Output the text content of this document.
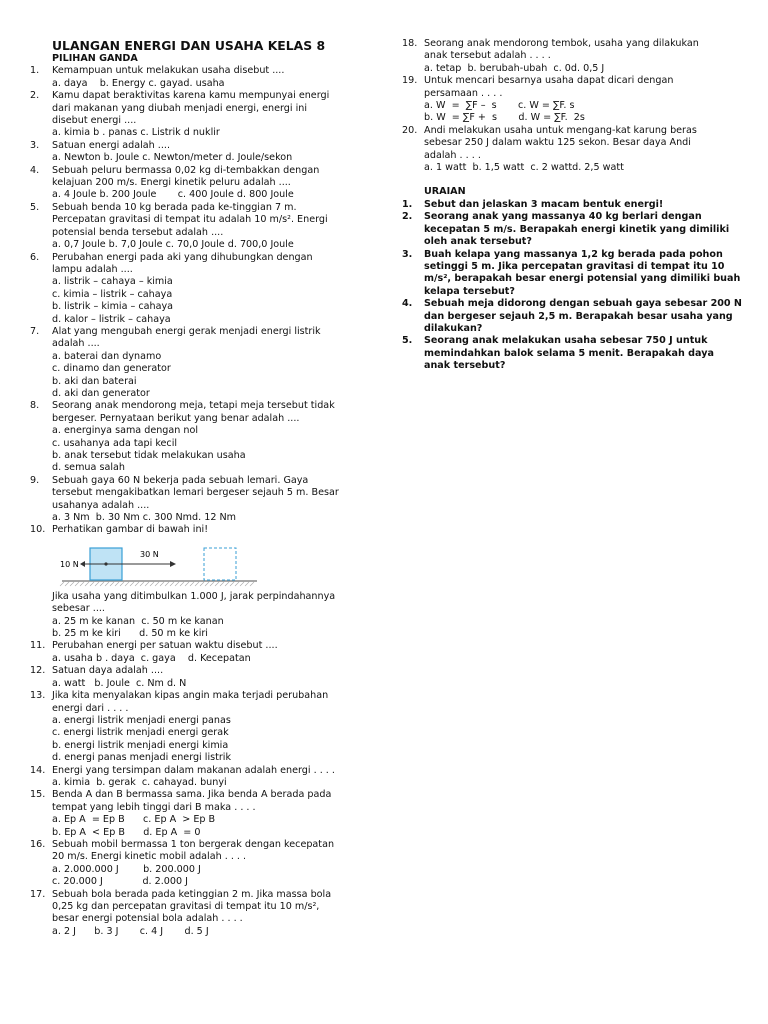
ULANGAN ENERGI DAN USAHA KELAS 8
PILIHAN GANDA
1.	Kemampuan untuk melakukan usaha disebut ....
a. daya    b. Energy c. gayad. usaha
2.	Kamu dapat beraktivitas karena kamu mempunyai energi
dari makanan yang diubah menjadi energi, energi ini
disebut energi ....
a. kimia b . panas c. Listrik d nuklir
3.	Satuan energi adalah ....
a. Newton b. Joule c. Newton/meter d. Joule/sekon
4.	Sebuah peluru bermassa 0,02 kg di-tembakkan dengan
kelajuan 200 m/s. Energi kinetik peluru adalah ....
a. 4 Joule b. 200 Joule       c. 400 Joule d. 800 Joule
5.	Sebuah benda 10 kg berada pada ke-tinggian 7 m.
Percepatan gravitasi di tempat itu adalah 10 m/s². Energi
potensial benda tersebut adalah ....
a. 0,7 Joule b. 7,0 Joule c. 70,0 Joule d. 700,0 Joule
6.	Perubahan energi pada aki yang dihubungkan dengan
lampu adalah ....
a. listrik – cahaya – kimia
c. kimia – listrik – cahaya
b. listrik – kimia – cahaya
d. kalor – listrik – cahaya
7.	Alat yang mengubah energi gerak menjadi energi listrik
adalah ....
a. baterai dan dynamo
c. dinamo dan generator
b. aki dan baterai
d. aki dan generator
8.	Seorang anak mendorong meja, tetapi meja tersebut tidak
bergeser. Pernyataan berikut yang benar adalah ....
a. energinya sama dengan nol
c. usahanya ada tapi kecil
b. anak tersebut tidak melakukan usaha
d. semua salah
9.	Sebuah gaya 60 N bekerja pada sebuah lemari. Gaya
tersebut mengakibatkan lemari bergeser sejauh 5 m. Besar
usahanya adalah ....
a. 3 Nm  b. 30 Nm c. 300 Nmd. 12 Nm
10. Perhatikan gambar di bawah ini!
10 N
30 N
Jika usaha yang ditimbulkan 1.000 J, jarak perpindahannya
sebesar ....
a. 25 m ke kanan  c. 50 m ke kanan
b. 25 m ke kiri      d. 50 m ke kiri
11. Perubahan energi per satuan waktu disebut ....
a. usaha b . daya  c. gaya    d. Kecepatan
12. Satuan daya adalah ....
a. watt   b. Joule  c. Nm d. N
13. Jika kita menyalakan kipas angin maka terjadi perubahan
energi dari . . . .
a. energi listrik menjadi energi panas
c. energi listrik menjadi energi gerak
b. energi listrik menjadi energi kimia
d. energi panas menjadi energi listrik
14. Energi yang tersimpan dalam makanan adalah energi . . . .
a. kimia  b. gerak  c. cahayad. bunyi
15. Benda A dan B bermassa sama. Jika benda A berada pada
tempat yang lebih tinggi dari B maka . . . .
a. Ep A  = Ep B      c. Ep A  > Ep B
b. Ep A  < Ep B      d. Ep A  = 0
16. Sebuah mobil bermassa 1 ton bergerak dengan kecepatan
20 m/s. Energi kinetic mobil adalah . . . .
a. 2.000.000 J        b. 200.000 J
c. 20.000 J             d. 2.000 J
17. Sebuah bola berada pada ketinggian 2 m. Jika massa bola
0,25 kg dan percepatan gravitasi di tempat itu 10 m/s²,
besar energi potensial bola adalah . . . .
a. 2 J      b. 3 J       c. 4 J       d. 5 J
18. Seorang anak mendorong tembok, usaha yang dilakukan
anak tersebut adalah . . . .
a. tetap  b. berubah-ubah  c. 0d. 0,5 J
19. Untuk mencari besarnya usaha dapat dicari dengan
persamaan . . . .
a. W  =  ∑F –  s       c. W = ∑F. s
b. W  = ∑F +  s       d. W = ∑F.  2s
20. Andi melakukan usaha untuk mengang-kat karung beras
sebesar 250 J dalam waktu 125 sekon. Besar daya Andi
adalah . . . .
a. 1 watt  b. 1,5 watt  c. 2 wattd. 2,5 watt
URAIAN
1.	Sebut dan jelaskan 3 macam bentuk energi!
2.	Seorang anak yang massanya 40 kg berlari dengan
kecepatan 5 m/s. Berapakah energi kinetik yang dimiliki
oleh anak tersebut?
3.	Buah kelapa yang massanya 1,2 kg berada pada pohon
setinggi 5 m. Jika percepatan gravitasi di tempat itu 10
m/s², berapakah besar energi potensial yang dimiliki buah
kelapa tersebut?
4.	Sebuah meja didorong dengan sebuah gaya sebesar 200 N
dan bergeser sejauh 2,5 m. Berapakah besar usaha yang
dilakukan?
5.	Seorang anak melakukan usaha sebesar 750 J untuk
memindahkan balok selama 5 menit. Berapakah daya
anak tersebut?
